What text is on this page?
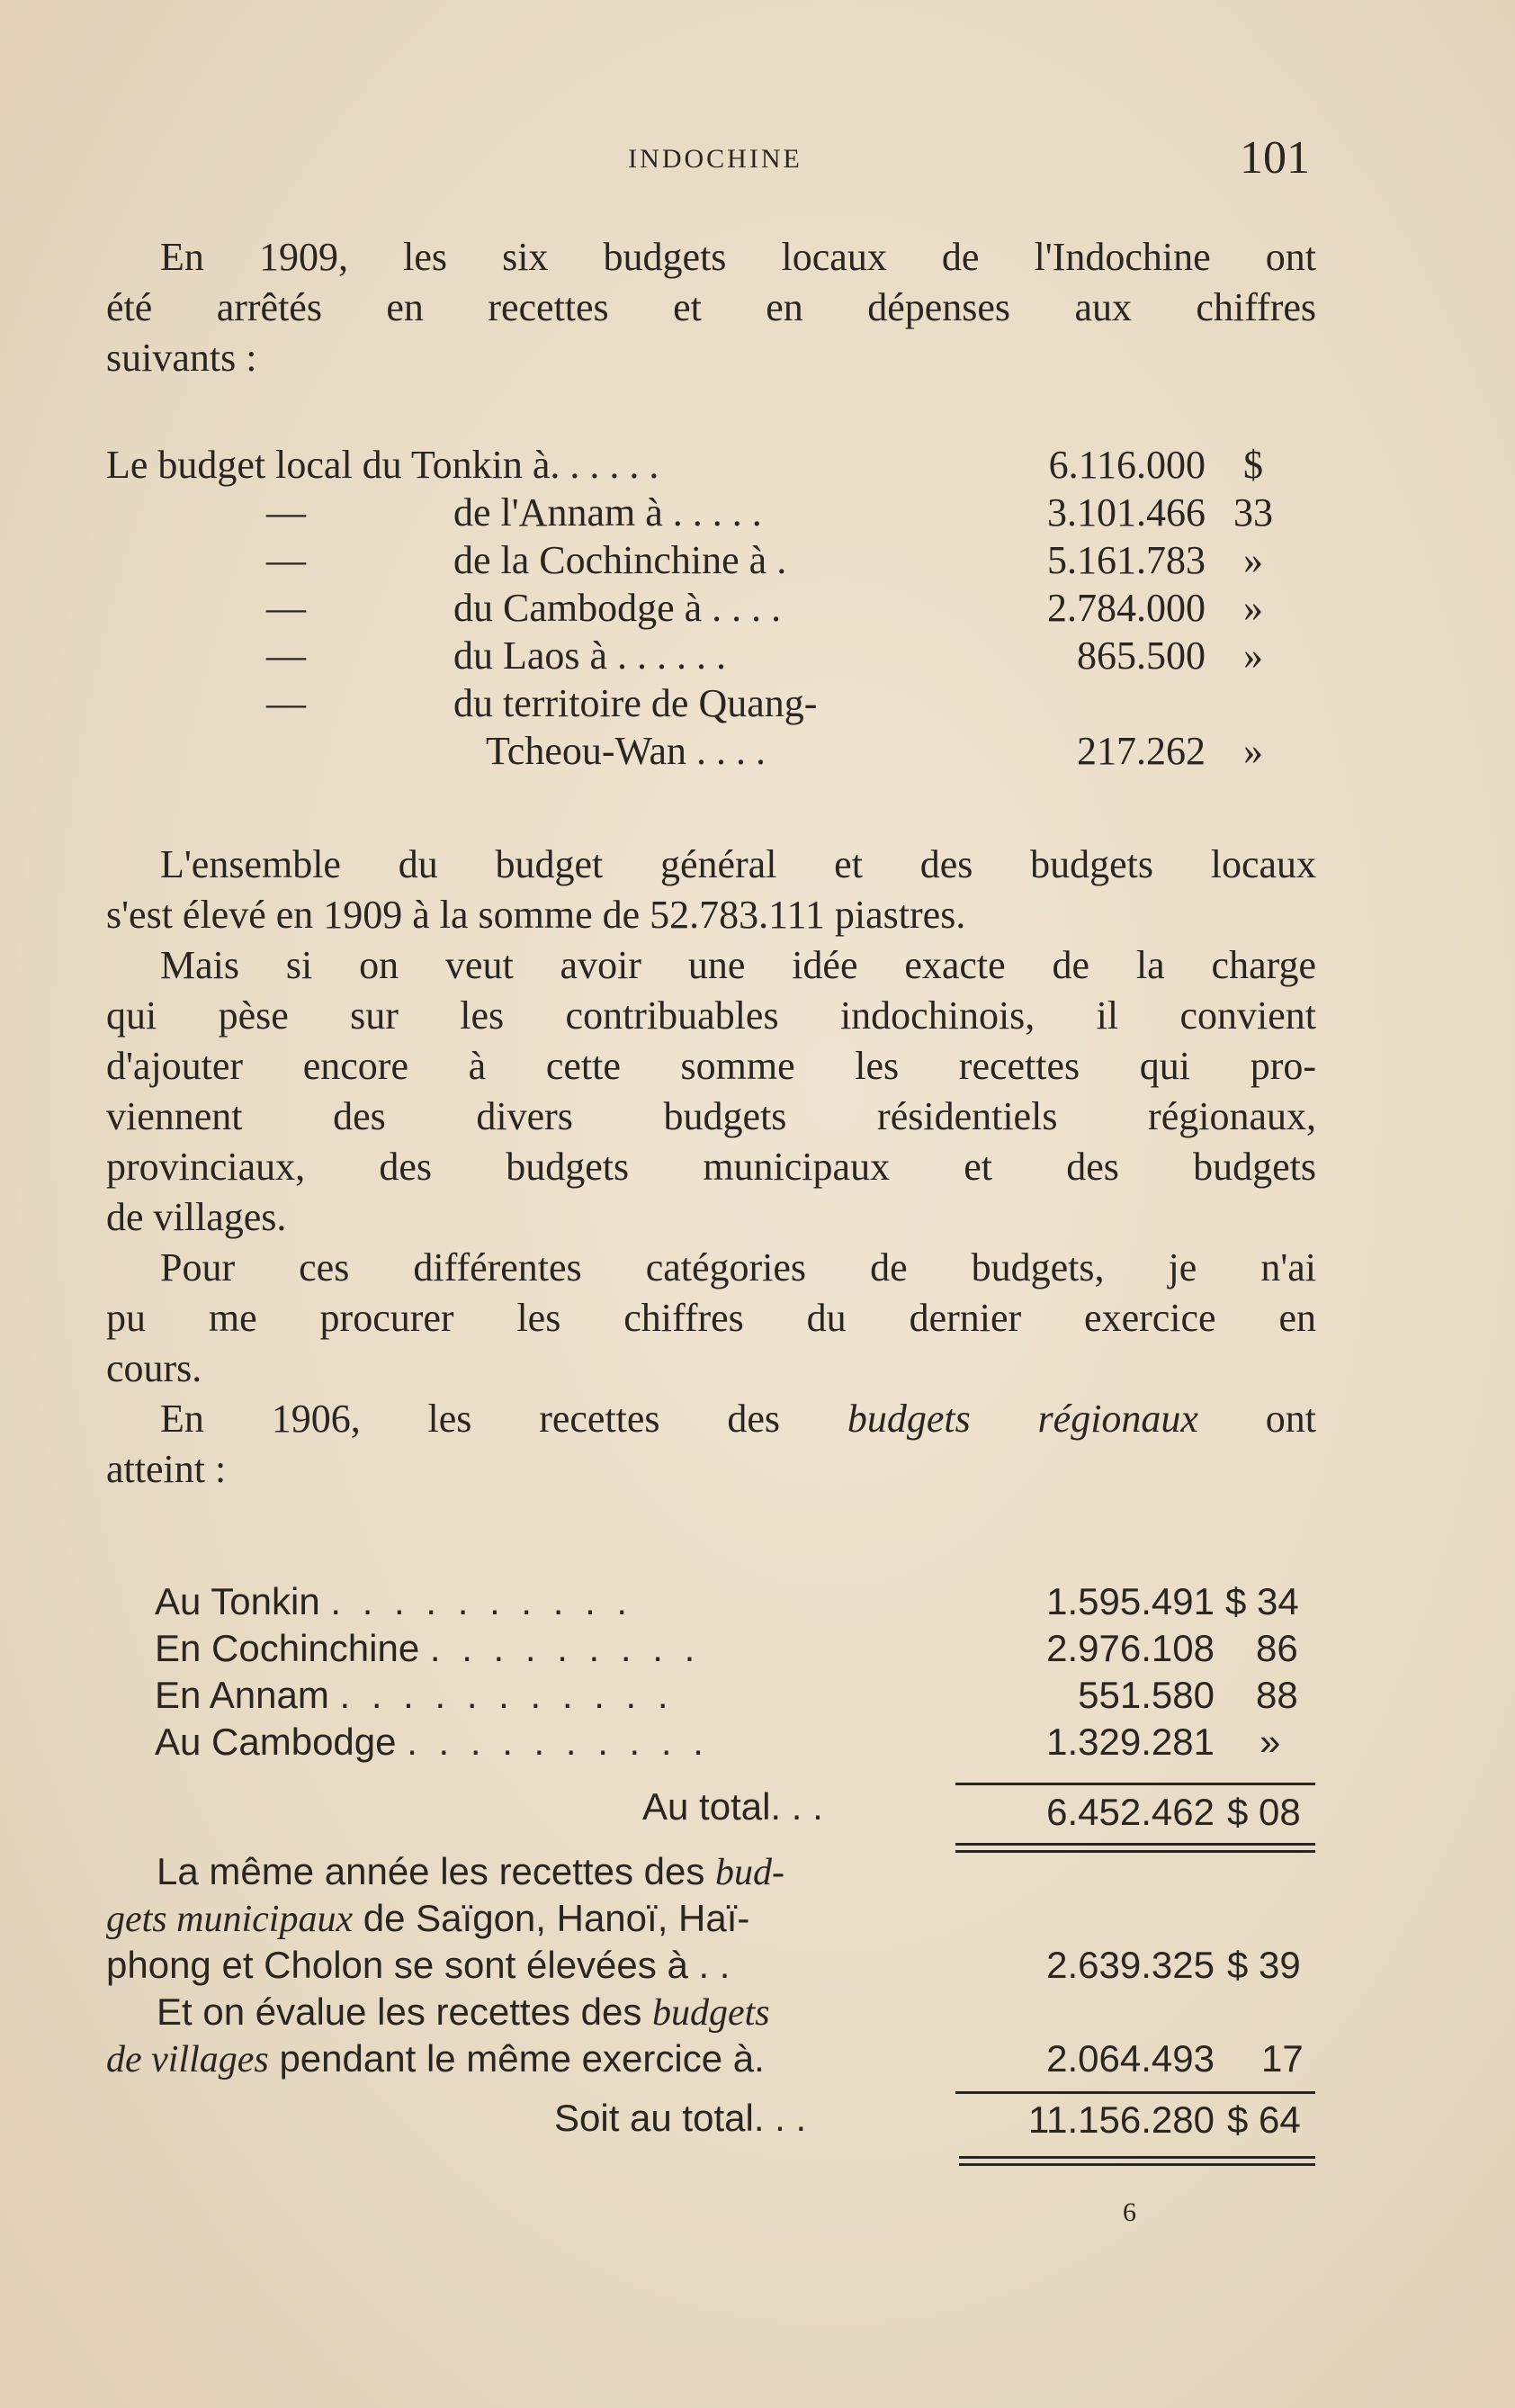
INDOCHINE	101
En 1909, les six budgets locaux de l'Indochine ont
été arrêtés en recettes et en dépenses aux chiffres
suivants :
Le budget local du Tonkin à. . . . . .	6.116.000 $
—	de l'Annam à . . . . .	3.101.466 33
—	de la Cochinchine à .	5.161.783 »
—	du Cambodge à . . . .	2.784.000 »
—	du Laos à . . . . . .	865.500 »
—	du territoire de Quang-
Tcheou-Wan . . . .	217.262 »
L'ensemble du budget général et des budgets locaux
s'est élevé en 1909 à la somme de 52.783.111 piastres.
Mais si on veut avoir une idée exacte de la charge
qui pèse sur les contribuables indochinois, il convient
d'ajouter encore à cette somme les recettes qui pro-
viennent des divers budgets résidentiels régionaux,
provinciaux, des budgets municipaux et des budgets
de villages.
Pour ces différentes catégories de budgets, je n'ai
pu me procurer les chiffres du dernier exercice en
cours.
En 1906, les recettes des budgets régionaux ont
atteint :
Au Tonkin . . . . . . . . . .	1.595.491 $ 34
En Cochinchine . . . . . . . . .	2.976.108 86
En Annam . . . . . . . . . . .	551.580 88
Au Cambodge . . . . . . . . . .	1.329.281 »
Au total. . .	6.452.462 $ 08
La même année les recettes des bud-
gets municipaux de Saïgon, Hanoï, Haï-
phong et Cholon se sont élevées à . .	2.639.325 $ 39
Et on évalue les recettes des budgets
de villages pendant le même exercice à.	2.064.493 17
Soit au total. . .	11.156.280 $ 64
6
